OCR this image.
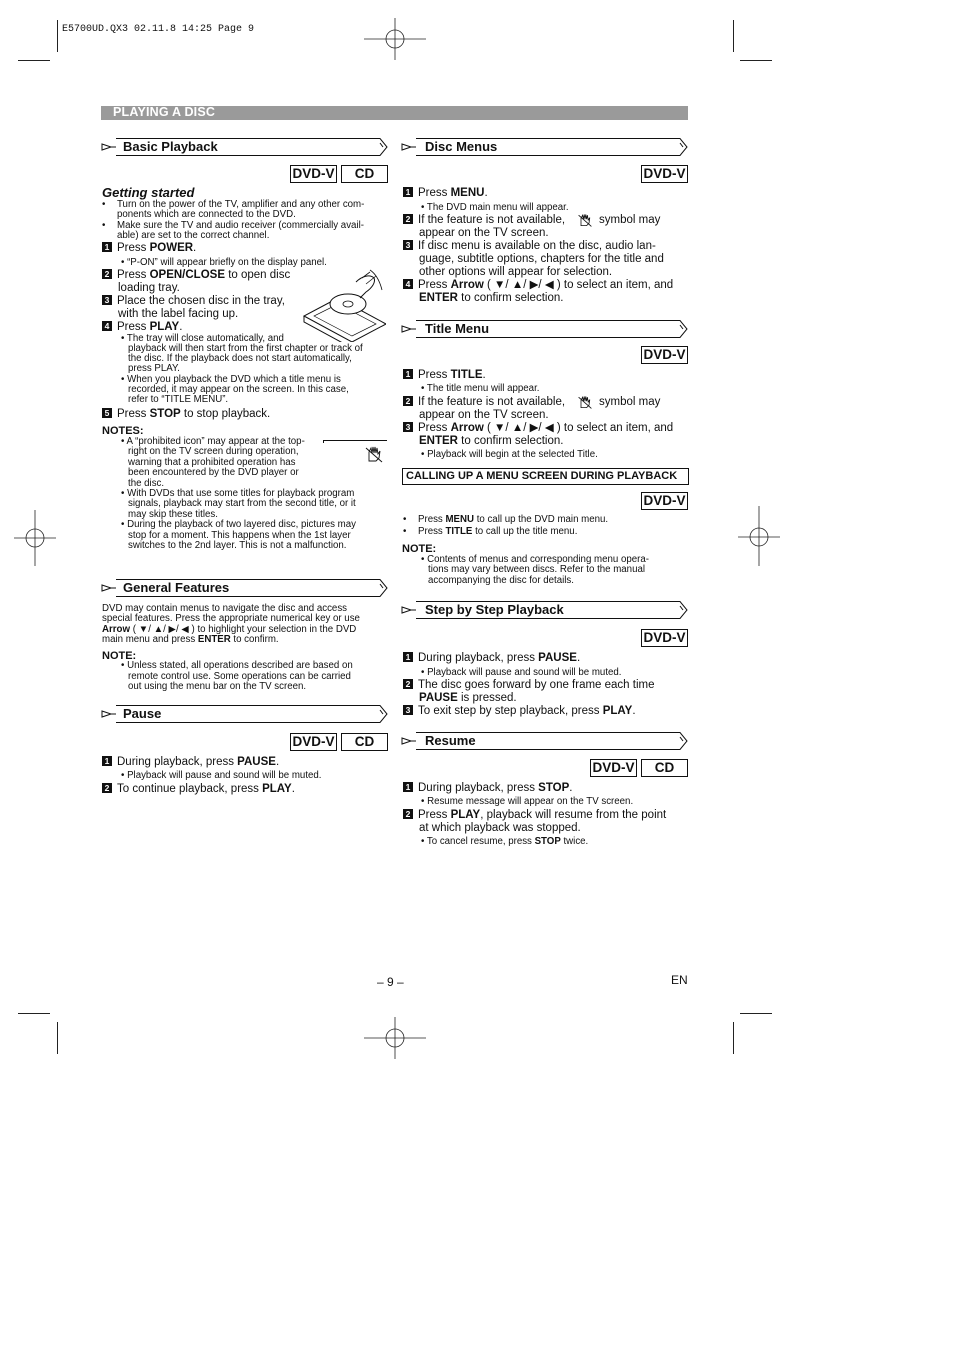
E5700UD.QX3 02.11.8 14:25 Page 9
PLAYING A DISC
Basic Playback
DVD-V	CD
Getting started
• Turn on the power of the TV, amplifier and any other com-
ponents which are connected to the DVD.
• Make sure the TV and audio receiver (commercially avail-
able) are set to the correct channel.
1 Press POWER.
• “P-ON” will appear briefly on the display panel.
2 Press OPEN/CLOSE to open disc
loading tray.
3 Place the chosen disc in the tray,
with the label facing up.
4 Press PLAY.
• The tray will close automatically, and
playback will then start from the first chapter or track of
the disc. If the playback does not start automatically,
press PLAY.
• When you playback the DVD which a title menu is
recorded, it may appear on the screen. In this case,
refer to “TITLE MENU”.
5 Press STOP to stop playback.
NOTES:
• A “prohibited icon” may appear at the top-
right on the TV screen during operation,
warning that a prohibited operation has
been encountered by the DVD player or
the disc.
• With DVDs that use some titles for playback program
signals, playback may start from the second title, or it
may skip these titles.
• During the playback of two layered disc, pictures may
stop for a moment. This happens when the 1st layer
switches to the 2nd layer. This is not a malfunction.
General Features
DVD may contain menus to navigate the disc and access
special features. Press the appropriate numerical key or use
Arrow ( ▼/ ▲/ ▶/ ◀ ) to highlight your selection in the DVD
main menu and press ENTER to confirm.
NOTE:
• Unless stated, all operations described are based on
remote control use. Some operations can be carried
out using the menu bar on the TV screen.
Pause
DVD-V	CD
1 During playback, press PAUSE.
• Playback will pause and sound will be muted.
2 To continue playback, press PLAY.
Disc Menus
DVD-V
1 Press MENU.
• The DVD main menu will appear.
2 If the feature is not available,	symbol may
appear on the TV screen.
3 If disc menu is available on the disc, audio lan-
guage, subtitle options, chapters for the title and
other options will appear for selection.
4 Press Arrow ( ▼/ ▲/ ▶/ ◀ ) to select an item, and
ENTER to confirm selection.
Title Menu
DVD-V
1 Press TITLE.
• The title menu will appear.
2 If the feature is not available,	symbol may
appear on the TV screen.
3 Press Arrow ( ▼/ ▲/ ▶/ ◀ ) to select an item, and
ENTER to confirm selection.
• Playback will begin at the selected Title.
CALLING UP A MENU SCREEN DURING PLAYBACK
DVD-V
• Press MENU to call up the DVD main menu.
• Press TITLE to call up the title menu.
NOTE:
• Contents of menus and corresponding menu opera-
tions may vary between discs. Refer to the manual
accompanying the disc for details.
Step by Step Playback
DVD-V
1 During playback, press PAUSE.
• Playback will pause and sound will be muted.
2 The disc goes forward by one frame each time
PAUSE is pressed.
3 To exit step by step playback, press PLAY.
Resume
DVD-V	CD
1 During playback, press STOP.
• Resume message will appear on the TV screen.
2 Press PLAY, playback will resume from the point
at which playback was stopped.
• To cancel resume, press STOP twice.
– 9 –	EN
